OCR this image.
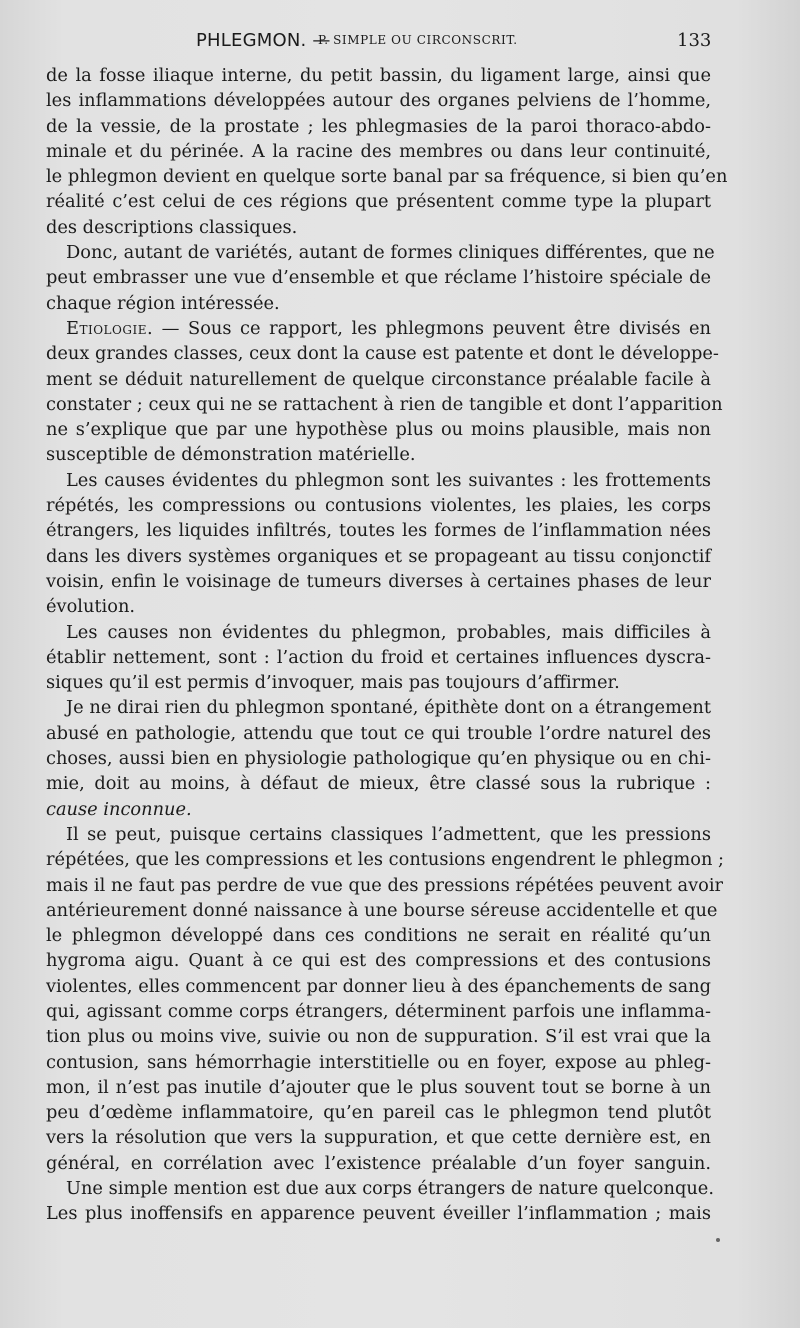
PHLEGMON. —
P. SIMPLE OU CIRCONSCRIT.	133
de la fosse iliaque interne, du petit bassin, du ligament large, ainsi que
les inflammations développées autour des organes pelviens de l’homme,
de la vessie, de la prostate ; les phlegmasies de la paroi thoraco-abdo-
minale et du périnée. A la racine des membres ou dans leur continuité,
le phlegmon devient en quelque sorte banal par sa fréquence, si bien qu’en
réalité c’est celui de ces régions que présentent comme type la plupart
des descriptions classiques.
Donc, autant de variétés, autant de formes cliniques différentes, que ne
peut embrasser une vue d’ensemble et que réclame l’histoire spéciale de
chaque région intéressée.
Etiologie. — Sous ce rapport, les phlegmons peuvent être divisés en
deux grandes classes, ceux dont la cause est patente et dont le développe-
ment se déduit naturellement de quelque circonstance préalable facile à
constater ; ceux qui ne se rattachent à rien de tangible et dont l’apparition
ne s’explique que par une hypothèse plus ou moins plausible, mais non
susceptible de démonstration matérielle.
Les causes évidentes du phlegmon sont les suivantes : les frottements
répétés, les compressions ou contusions violentes, les plaies, les corps
étrangers, les liquides infiltrés, toutes les formes de l’inflammation nées
dans les divers systèmes organiques et se propageant au tissu conjonctif
voisin, enfin le voisinage de tumeurs diverses à certaines phases de leur
évolution.
Les causes non évidentes du phlegmon, probables, mais difficiles à
établir nettement, sont : l’action du froid et certaines influences dyscra-
siques qu’il est permis d’invoquer, mais pas toujours d’affirmer.
Je ne dirai rien du phlegmon spontané, épithète dont on a étrangement
abusé en pathologie, attendu que tout ce qui trouble l’ordre naturel des
choses, aussi bien en physiologie pathologique qu’en physique ou en chi-
mie, doit au moins, à défaut de mieux, être classé sous la rubrique :
cause inconnue.
Il se peut, puisque certains classiques l’admettent, que les pressions
répétées, que les compressions et les contusions engendrent le phlegmon ;
mais il ne faut pas perdre de vue que des pressions répétées peuvent avoir
antérieurement donné naissance à une bourse séreuse accidentelle et que
le phlegmon développé dans ces conditions ne serait en réalité qu’un
hygroma aigu. Quant à ce qui est des compressions et des contusions
violentes, elles commencent par donner lieu à des épanchements de sang
qui, agissant comme corps étrangers, déterminent parfois une inflamma-
tion plus ou moins vive, suivie ou non de suppuration. S’il est vrai que la
contusion, sans hémorrhagie interstitielle ou en foyer, expose au phleg-
mon, il n’est pas inutile d’ajouter que le plus souvent tout se borne à un
peu d’œdème inflammatoire, qu’en pareil cas le phlegmon tend plutôt
vers la résolution que vers la suppuration, et que cette dernière est, en
général, en corrélation avec l’existence préalable d’un foyer sanguin.
Une simple mention est due aux corps étrangers de nature quelconque.
Les plus inoffensifs en apparence peuvent éveiller l’inflammation ; mais
